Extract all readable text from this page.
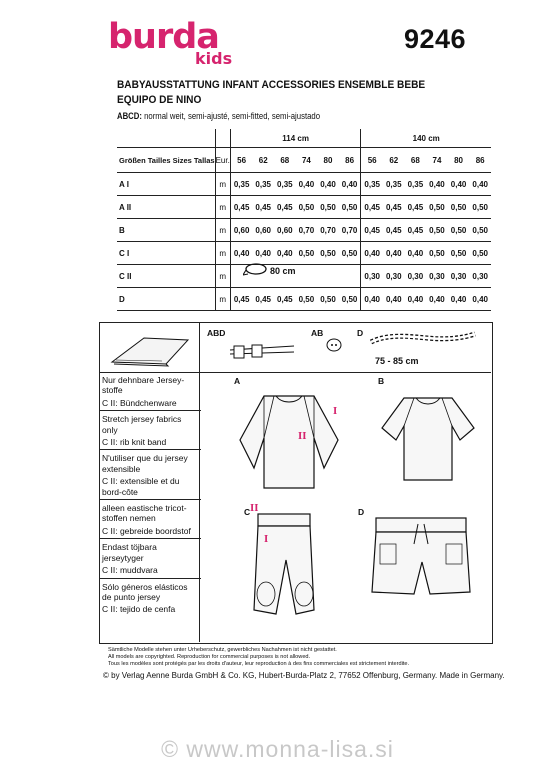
burda
kids
9246
BABYAUSSTATTUNG INFANT ACCESSORIES ENSEMBLE BEBE
EQUIPO DE NINO
ABCD: normal weit, semi-ajusté, semi-fitted, semi-ajustado
		114 cm						140 cm					
Größen Tailles Sizes Tallas	Eur.	56	62	68	74	80	86	56	62	68	74	80	86
A I	m	0,35	0,35	0,35	0,40	0,40	0,40	0,35	0,35	0,35	0,40	0,40	0,40
A II	m	0,45	0,45	0,45	0,50	0,50	0,50	0,45	0,45	0,45	0,50	0,50	0,50
B	m	0,60	0,60	0,60	0,70	0,70	0,70	0,45	0,45	0,45	0,50	0,50	0,50
C I	m	0,40	0,40	0,40	0,50	0,50	0,50	0,40	0,40	0,40	0,50	0,50	0,50
C II	m							0,30	0,30	0,30	0,30	0,30	0,30
D	m	0,45	0,45	0,45	0,50	0,50	0,50	0,40	0,40	0,40	0,40	0,40	0,40
80 cm
ABD	AB	D
75 - 85 cm

Nur dehnbare Jersey-stoffe

C II: Bündchenware

Stretch jersey fabrics only

C II: rib knit band

N'utiliser que du jersey extensible

C II: extensible et du bord-côte

alleen eastische tricot-stoffen nemen

C II: gebreide boordstof

Endast töjbara jerseytyger

C II: muddvara

Sólo géneros elásticos de punto jersey

C II: tejido de cenfa

A	B
C	D
I
II
II
I
Sämtliche Modelle stehen unter Urheberschutz, gewerbliches Nachahmen ist nicht gestattet.
All models are copyrighted. Reproduction for commercial purposes is not allowed.
Tous les modèles sont protégés par les droits d'auteur, leur reproduction à des fins commerciales est strictement interdite.
© by Verlag Aenne Burda GmbH & Co. KG, Hubert-Burda-Platz 2, 77652 Offenburg, Germany. Made in Germany.
© www.monna-lisa.si
